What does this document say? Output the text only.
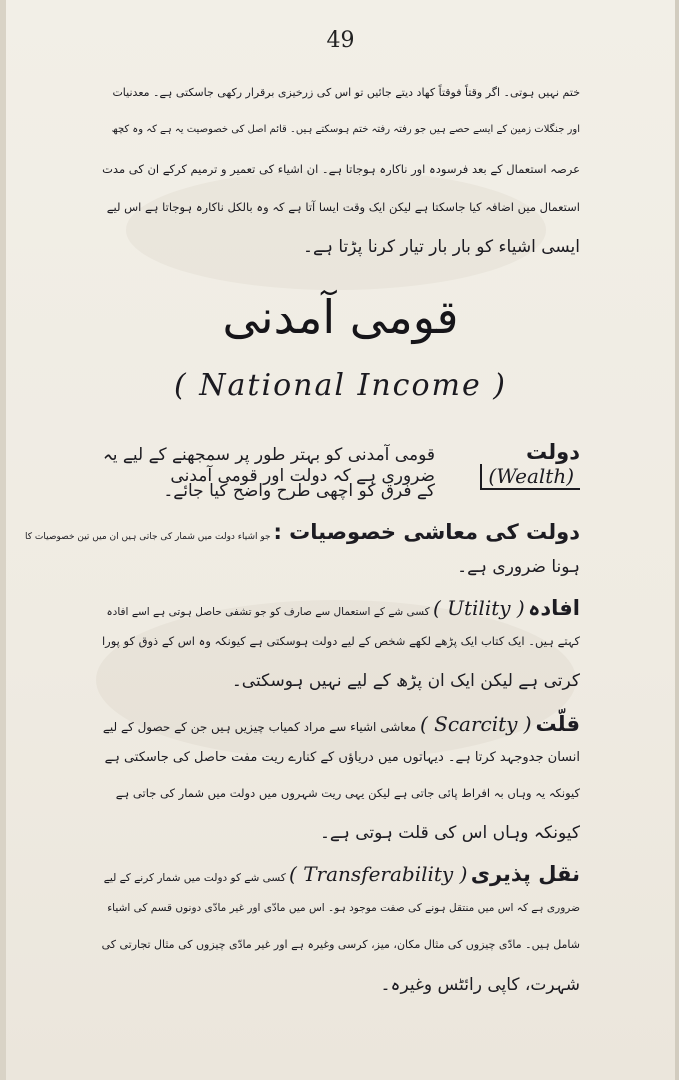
49
ختم نہیں ہوتی۔ اگر وقتاً فوقتاً کھاد دیتے جائیں تو اس کی زرخیزی برقرار رکھی جاسکتی ہے۔ معدنیات
اور جنگلات زمین کے ایسے حصے ہیں جو رفتہ رفتہ ختم ہوسکتے ہیں۔ قائم اصل کی خصوصیت یہ ہے کہ وہ کچھ
عرصہ استعمال کے بعد فرسودہ اور ناکارہ ہوجاتا ہے۔ ان اشیاء کی تعمیر و ترمیم کرکے ان کی مدت
استعمال میں اضافہ کیا جاسکتا ہے لیکن ایک وقت ایسا آتا ہے کہ وہ بالکل ناکارہ ہوجاتا ہے اس لیے
ایسی اشیاء کو بار بار تیار کرنا پڑتا ہے۔
قومی آمدنی
( National Income )
دولت
(Wealth)
قومی آمدنی کو بہتر طور پر سمجھنے کے لیے یہ ضروری ہے کہ دولت اور قومی آمدنی
کے فرق کو اچھی طرح واضح کیا جائے۔
دولت کی معاشی خصوصیات : جو اشیاء دولت میں شمار کی جاتی ہیں ان میں تین خصوصیات کا
ہونا ضروری ہے۔
افادہ ( Utility ) کسی شے کے استعمال سے صارف کو جو تشفی حاصل ہوتی ہے اسے افادہ
کہتے ہیں۔ ایک کتاب ایک پڑھے لکھے شخص کے لیے دولت ہوسکتی ہے کیونکہ وہ اس کے ذوق کو پورا
کرتی ہے لیکن ایک ان پڑھ کے لیے نہیں ہوسکتی۔
قلّت ( Scarcity ) معاشی اشیاء سے مراد کمیاب چیزیں ہیں جن کے حصول کے لیے
انسان جدوجہد کرتا ہے۔ دیہاتوں میں دریاؤں کے کنارے ریت مفت حاصل کی جاسکتی ہے
کیونکہ یہ وہاں بہ افراط پائی جاتی ہے لیکن یہی ریت شہروں میں دولت میں شمار کی جاتی ہے
کیونکہ وہاں اس کی قلت ہوتی ہے۔
نقل پذیری ( Transferability ) کسی شے کو دولت میں شمار کرنے کے لیے
ضروری ہے کہ اس میں منتقل ہونے کی صفت موجود ہو۔ اس میں مادّی اور غیر مادّی دونوں قسم کی اشیاء
شامل ہیں۔ مادّی چیزوں کی مثال مکان، میز، کرسی وغیرہ ہے اور غیر مادّی چیزوں کی مثال تجارتی کی
شہرت، کاپی رائٹس وغیرہ۔
